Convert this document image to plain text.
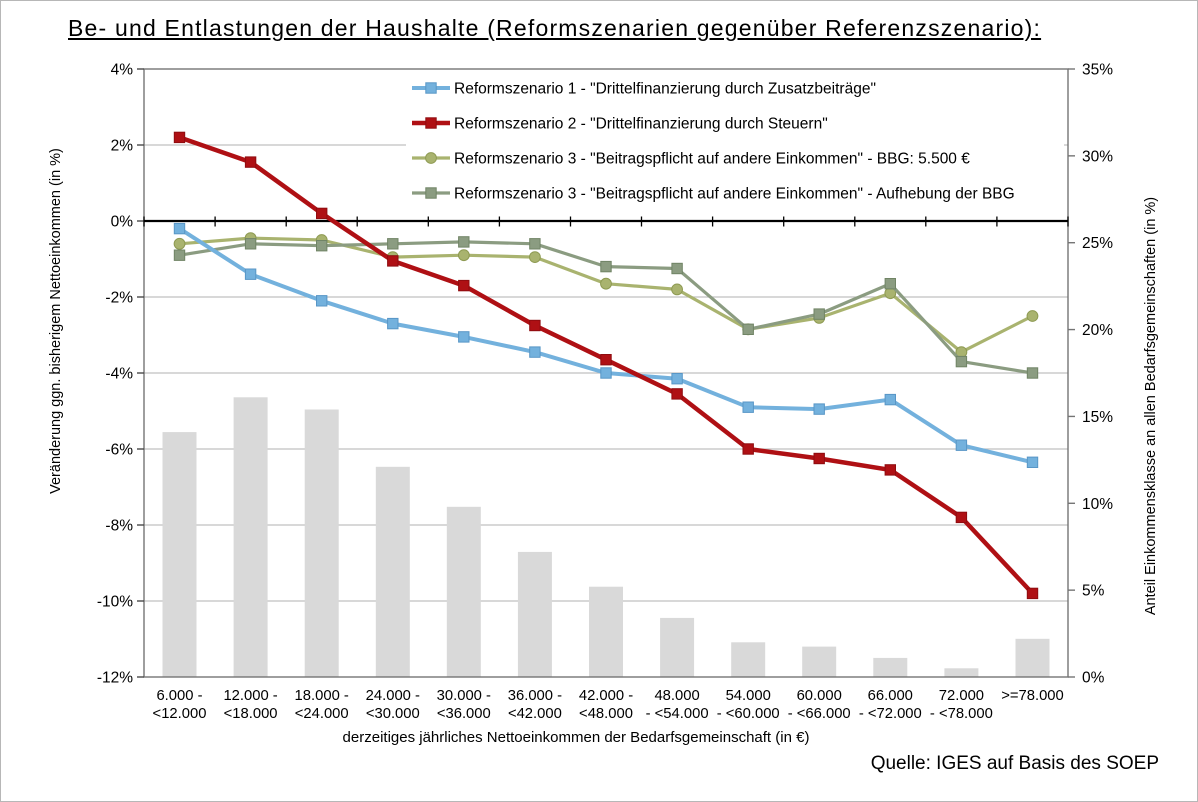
4%
2%
0%
-2%
-4%
-6%
-8%
-10%
-12%
35%
30%
25%
20%
15%
10%
5%
0%
6.000 -
<12.000
12.000 -
<18.000
18.000 -
<24.000
24.000 -
<30.000
30.000 -
<36.000
36.000 -
<42.000
42.000 -
<48.000
48.000
- <54.000
54.000
- <60.000
60.000
- <66.000
66.000
- <72.000
72.000
- <78.000
>=78.000
Reformszenario 1 - "Drittelfinanzierung durch Zusatzbeiträge"
Reformszenario 2 - "Drittelfinanzierung durch Steuern"
Reformszenario 3 - "Beitragspflicht auf andere Einkommen" - BBG: 5.500 €
Reformszenario 3 - "Beitragspflicht auf andere Einkommen" - Aufhebung der BBG
Be- und Entlastungen der Haushalte (Reformszenarien gegenüber Referenzszenario):
Veränderung ggn. bisherigem Nettoeinkommen (in %)	Anteil Einkommensklasse an allen Bedarfsgemeinschaften (in %)
derzeitiges jährliches Nettoeinkommen der Bedarfsgemeinschaft (in €)
Quelle: IGES auf Basis des SOEP
